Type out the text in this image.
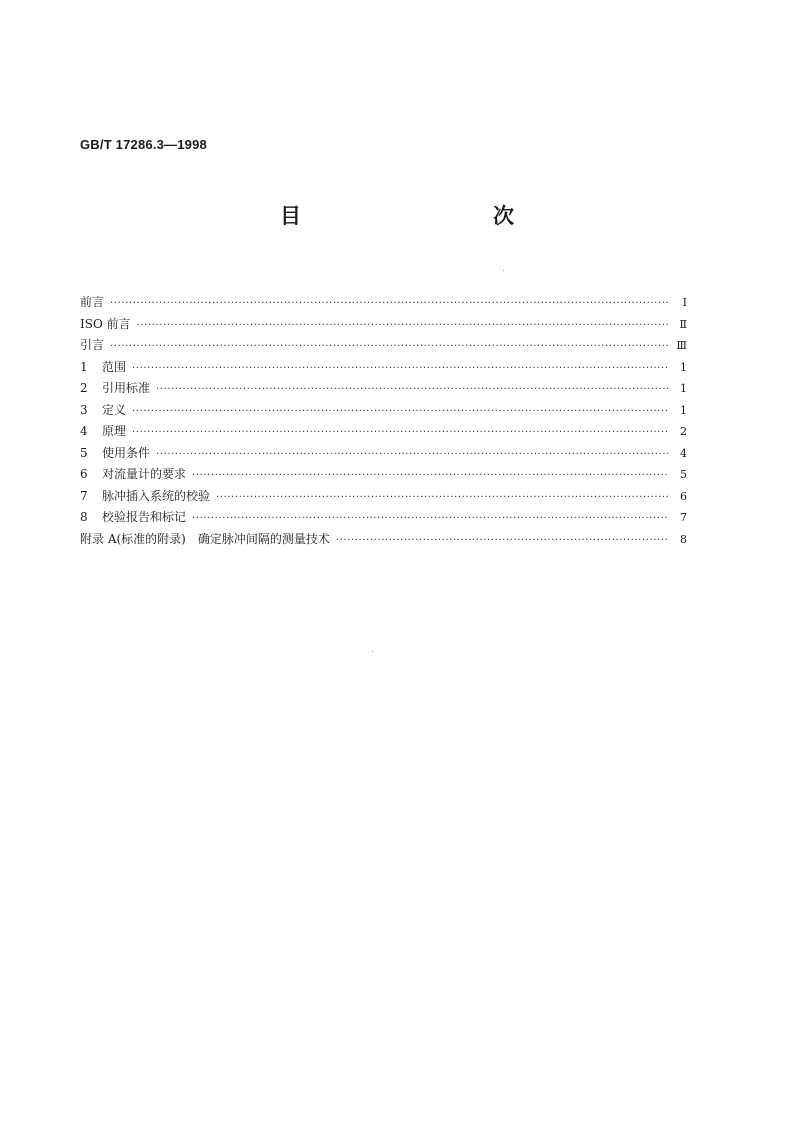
GB/T 17286.3—1998
目　　次
前言 ·····	Ⅰ
ISO 前言 ·····	Ⅱ
引言 ·····	Ⅲ
1 范围 ·····	1
2 引用标准 ·····	1
3 定义 ·····	1
4 原理 ·····	2
5 使用条件 ·····	4
6 对流量计的要求 ·····	5
7 脉冲插入系统的校验 ·····	6
8 校验报告和标记 ·····	7
附录 A(标准的附录)　确定脉冲间隔的测量技术 ·····	8
